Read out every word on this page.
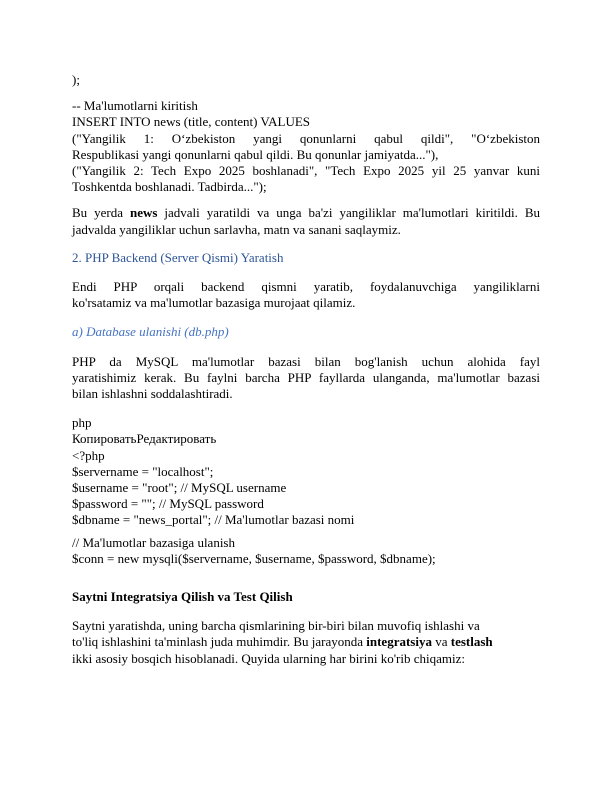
);
-- Ma'lumotlarni kiritish
INSERT INTO news (title, content) VALUES
("Yangilik 1: O‘zbekiston yangi qonunlarni qabul qildi", "O‘zbekiston
Respublikasi yangi qonunlarni qabul qildi. Bu qonunlar jamiyatda..."),
("Yangilik 2: Tech Expo 2025 boshlanadi", "Tech Expo 2025 yil 25 yanvar kuni
Toshkentda boshlanadi. Tadbirda...");
Bu yerda news jadvali yaratildi va unga ba'zi yangiliklar ma'lumotlari kiritildi. Bu
jadvalda yangiliklar uchun sarlavha, matn va sanani saqlaymiz.
2. PHP Backend (Server Qismi) Yaratish
Endi PHP orqali backend qismni yaratib, foydalanuvchiga yangiliklarni
ko'rsatamiz va ma'lumotlar bazasiga murojaat qilamiz.
a) Database ulanishi (db.php)
PHP da MySQL ma'lumotlar bazasi bilan bog'lanish uchun alohida fayl
yaratishimiz kerak. Bu faylni barcha PHP fayllarda ulanganda, ma'lumotlar bazasi
bilan ishlashni soddalashtiradi.
php
КопироватьРедактировать
<?php
$servername = "localhost";
$username = "root"; // MySQL username
$password = ""; // MySQL password
$dbname = "news_portal"; // Ma'lumotlar bazasi nomi
// Ma'lumotlar bazasiga ulanish
$conn = new mysqli($servername, $username, $password, $dbname);
Saytni Integratsiya Qilish va Test Qilish
Saytni yaratishda, uning barcha qismlarining bir-biri bilan muvofiq ishlashi va
to'liq ishlashini ta'minlash juda muhimdir. Bu jarayonda integratsiya va testlash
ikki asosiy bosqich hisoblanadi. Quyida ularning har birini ko'rib chiqamiz:
